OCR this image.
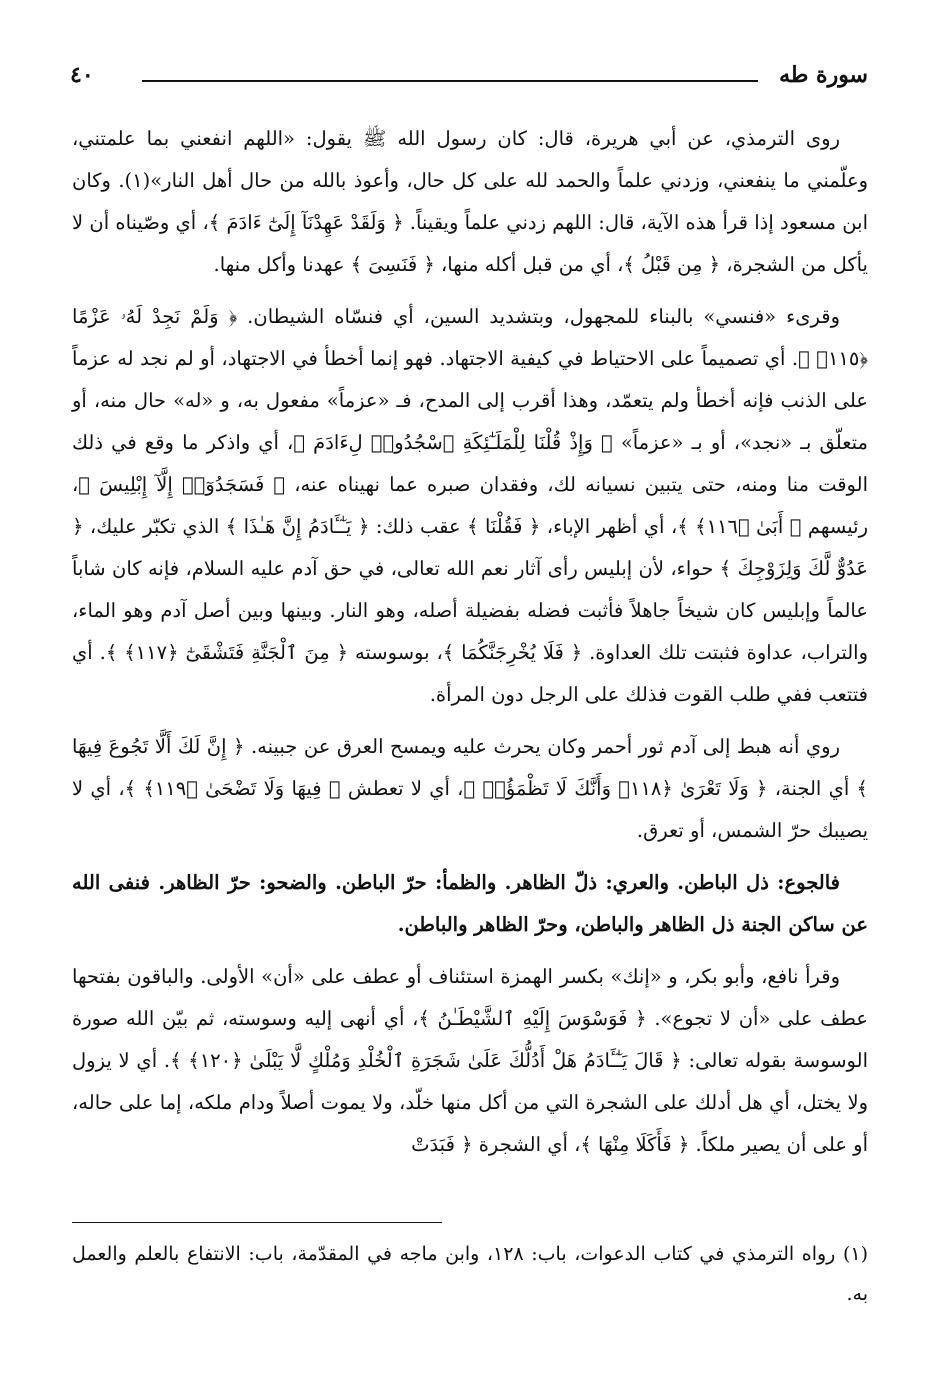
سورة طه
٤٠

روى الترمذي، عن أبي هريرة، قال: كان رسول الله ﷺ يقول: «اللهم انفعني بما علمتني، وعلّمني ما ينفعني، وزدني علماً والحمد لله على كل حال، وأعوذ بالله من حال أهل النار»(١). وكان ابن مسعود إذا قرأ هذه الآية، قال: اللهم زدني علماً ويقيناً. ﴿ وَلَقَدْ عَهِدْنَآ إِلَىٰٓ ءَادَمَ ﴾، أي وصّيناه أن لا يأكل من الشجرة، ﴿ مِن قَبْلُ ﴾، أي من قبل أكله منها، ﴿ فَنَسِىَ ﴾ عهدنا وأكل منها.

وقرىء «فنسي» بالبناء للمجهول، وبتشديد السين، أي فنسّاه الشيطان. ﴿ وَلَمْ نَجِدْ لَهُۥ عَزْمًا ﴿١١٥﴾ ﴾. أي تصميماً على الاحتياط في كيفية الاجتهاد. فهو إنما أخطأ في الاجتهاد، أو لم نجد له عزماً على الذنب فإنه أخطأ ولم يتعمّد، وهذا أقرب إلى المدح، فـ «عزماً» مفعول به، و «له» حال منه، أو متعلّق بـ «نجد»، أو بـ «عزماً» ﴿ وَإِذْ قُلْنَا لِلْمَلَـٰٓئِكَةِ ٱسْجُدُوا۟ لِءَادَمَ ﴾، أي واذكر ما وقع في ذلك الوقت منا ومنه، حتى يتبين نسيانه لك، وفقدان صبره عما نهيناه عنه، ﴿ فَسَجَدُوٓا۟ إِلَّآ إِبْلِيسَ ﴾، رئيسهم ﴿ أَبَىٰ ﴿١١٦﴾ ﴾، أي أظهر الإباء، ﴿ فَقُلْنَا ﴾ عقب ذلك: ﴿ يَـٰٓـَٔادَمُ إِنَّ هَـٰذَا ﴾ الذي تكبّر عليك، ﴿ عَدُوٌّ لَّكَ وَلِزَوْجِكَ ﴾ حواء، لأن إبليس رأى آثار نعم الله تعالى، في حق آدم عليه السلام، فإنه كان شاباً عالماً وإبليس كان شيخاً جاهلاً فأثبت فضله بفضيلة أصله، وهو النار. وبينها وبين أصل آدم وهو الماء، والتراب، عداوة فثبتت تلك العداوة. ﴿ فَلَا يُخْرِجَنَّكُمَا ﴾، بوسوسته ﴿ مِنَ ٱلْجَنَّةِ فَتَشْقَىٰٓ ﴿١١٧﴾ ﴾. أي فتتعب ففي طلب القوت فذلك على الرجل دون المرأة.

روي أنه هبط إلى آدم ثور أحمر وكان يحرث عليه ويمسح العرق عن جبينه. ﴿ إِنَّ لَكَ أَلَّا تَجُوعَ فِيهَا ﴾ أي الجنة، ﴿ وَلَا تَعْرَىٰ ﴿١١٨﴾ وَأَنَّكَ لَا تَظْمَؤُا۟ ﴾، أي لا تعطش ﴿ فِيهَا وَلَا تَضْحَىٰ ﴿١١٩﴾ ﴾، أي لا يصيبك حرّ الشمس، أو تعرق.

فالجوع: ذل الباطن. والعري: ذلّ الظاهر. والظمأ: حرّ الباطن. والضحو: حرّ الظاهر. فنفى الله عن ساكن الجنة ذل الظاهر والباطن، وحرّ الظاهر والباطن.

وقرأ نافع، وأبو بكر، و «إنك» بكسر الهمزة استئناف أو عطف على «أن» الأولى. والباقون بفتحها عطف على «أن لا تجوع». ﴿ فَوَسْوَسَ إِلَيْهِ ٱلشَّيْطَـٰنُ ﴾، أي أنهى إليه وسوسته، ثم بيّن الله صورة الوسوسة بقوله تعالى: ﴿ قَالَ يَـٰٓـَٔادَمُ هَلْ أَدُلُّكَ عَلَىٰ شَجَرَةِ ٱلْخُلْدِ وَمُلْكٍ لَّا يَبْلَىٰ ﴿١٢٠﴾ ﴾. أي لا يزول ولا يختل، أي هل أدلك على الشجرة التي من أكل منها خلّد، ولا يموت أصلاً ودام ملكه، إما على حاله، أو على أن يصير ملكاً. ﴿ فَأَكَلَا مِنْهَا ﴾، أي الشجرة ﴿ فَبَدَتْ

(١) رواه الترمذي في كتاب الدعوات، باب: ١٢٨، وابن ماجه في المقدّمة، باب: الانتفاع بالعلم والعمل به.
